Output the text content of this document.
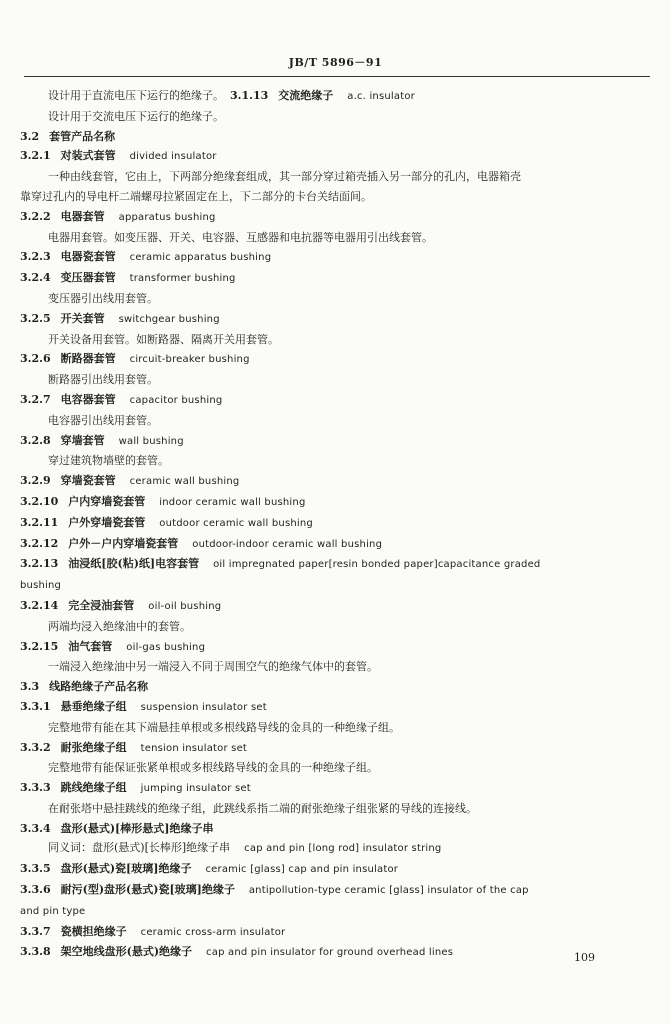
JB/T 5896－91
设计用于直流电压下运行的绝缘子。 3.1.13 交流绝缘子 a.c. insulator
设计用于交流电压下运行的绝缘子。
3.2 套管产品名称
3.2.1 对装式套管 divided insulator
一种由线套管，它由上，下两部分绝缘套组成，其一部分穿过箱壳插入另一部分的孔内，电器箱壳
靠穿过孔内的导电杆二端螺母拉紧固定在上，下二部分的卡台关结面间。
3.2.2 电器套管 apparatus bushing
电器用套管。如变压器、开关、电容器、互感器和电抗器等电器用引出线套管。
3.2.3 电器瓷套管 ceramic apparatus bushing
3.2.4 变压器套管 transformer bushing
变压器引出线用套管。
3.2.5 开关套管 switchgear bushing
开关设备用套管。如断路器、隔离开关用套管。
3.2.6 断路器套管 circuit-breaker bushing
断路器引出线用套管。
3.2.7 电容器套管 capacitor bushing
电容器引出线用套管。
3.2.8 穿墙套管 wall bushing
穿过建筑物墙壁的套管。
3.2.9 穿墙瓷套管 ceramic wall bushing
3.2.10 户内穿墙瓷套管 indoor ceramic wall bushing
3.2.11 户外穿墙瓷套管 outdoor ceramic wall bushing
3.2.12 户外－户内穿墙瓷套管 outdoor-indoor ceramic wall bushing
3.2.13 油浸纸[胶(粘)纸]电容套管 oil impregnated paper[resin bonded paper]capacitance graded
bushing
3.2.14 完全浸油套管 oil-oil bushing
两端均浸入绝缘油中的套管。
3.2.15 油气套管 oil-gas bushing
一端浸入绝缘油中另一端浸入不同于周围空气的绝缘气体中的套管。
3.3 线路绝缘子产品名称
3.3.1 悬垂绝缘子组 suspension insulator set
完整地带有能在其下端悬挂单根或多根线路导线的金具的一种绝缘子组。
3.3.2 耐张绝缘子组 tension insulator set
完整地带有能保证张紧单根或多根线路导线的金具的一种绝缘子组。
3.3.3 跳线绝缘子组 jumping insulator set
在耐张塔中悬挂跳线的绝缘子组，此跳线系指二端的耐张绝缘子组张紧的导线的连接线。
3.3.4 盘形(悬式)[棒形悬式]绝缘子串
同义词：盘形(悬式)[长棒形]绝缘子串 cap and pin [long rod] insulator string
3.3.5 盘形(悬式)瓷[玻璃]绝缘子 ceramic [glass] cap and pin insulator
3.3.6 耐污(型)盘形(悬式)瓷[玻璃]绝缘子 antipollution-type ceramic [glass] insulator of the cap
and pin type
3.3.7 瓷横担绝缘子 ceramic cross-arm insulator
3.3.8 架空地线盘形(悬式)绝缘子 cap and pin insulator for ground overhead lines	109
